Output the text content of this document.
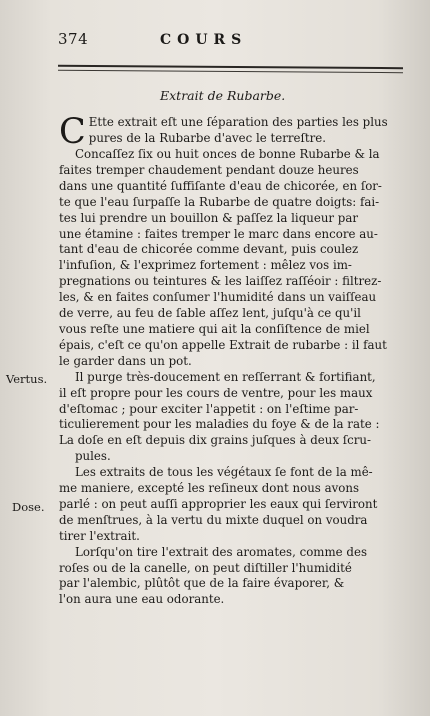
374	COURS
Extrait de Rubarbe.
Vertus.
Dose.
C Ette extrait eſt une ſéparation des parties les plus
pures de la Rubarbe d'avec le terreſtre.
Concaſſez ſix ou huit onces de bonne Rubarbe & la
faites tremper chaudement pendant douze heures
dans une quantité ſuffiſante d'eau de chicorée, en ſor-
te que l'eau ſurpaſſe la Rubarbe de quatre doigts: fai-
tes lui prendre un bouillon & paſſez la liqueur par
une étamine : faites tremper le marc dans encore au-
tant d'eau de chicorée comme devant, puis coulez
l'infuſion, & l'exprimez fortement : mêlez vos im-
pregnations ou teintures & les laiſſez raſſéoir : filtrez-
les, & en faites conſumer l'humidité dans un vaiſſeau
de verre, au feu de ſable aſſez lent, juſqu'à ce qu'il
vous reſte une matiere qui ait la conſiſtence de miel
épais, c'eſt ce qu'on appelle Extrait de rubarbe : il faut
le garder dans un pot.
Il purge très-doucement en reſſerrant & fortifiant,
il eſt propre pour les cours de ventre, pour les maux
d'eſtomac ; pour exciter l'appetit : on l'eſtime par-
ticulierement pour les maladies du foye & de la rate :
La doſe en eſt depuis dix grains juſques à deux ſcru-
pules.
Les extraits de tous les végétaux ſe font de la mê-
me maniere, excepté les reſineux dont nous avons
parlé : on peut auſſi approprier les eaux qui ſerviront
de menſtrues, à la vertu du mixte duquel on voudra
tirer l'extrait.
Lorſqu'on tire l'extrait des aromates, comme des
roſes ou de la canelle, on peut diſtiller l'humidité
par l'alembic, plûtôt que de la faire évaporer, &
l'on aura une eau odorante.
